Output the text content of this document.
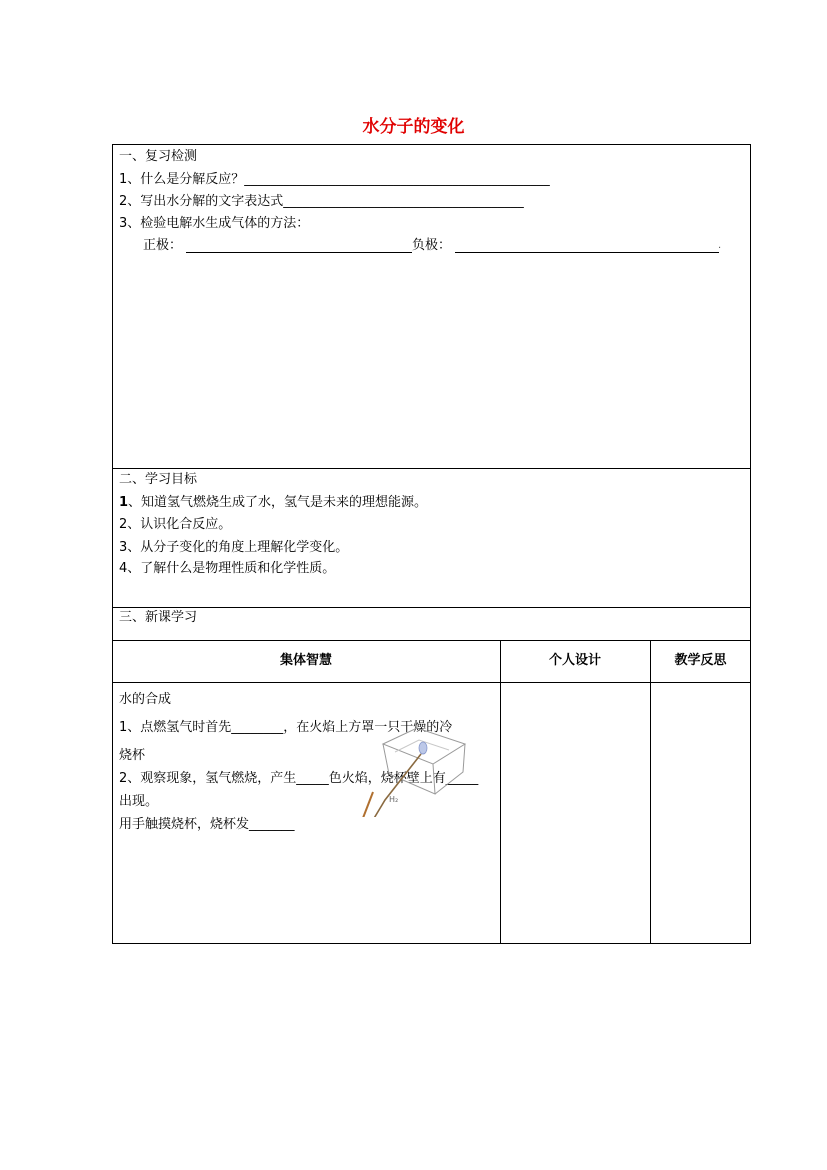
水分子的变化
一、复习检测
1、什么是分解反应？_______________________________________________
2、写出水分解的文字表达式_____________________________________
3、检验电解水生成气体的方法：
正极：	负极：	.
二、学习目标
1、知道氢气燃烧生成了水，氢气是未来的理想能源。
2、认识化合反应。
3、从分子变化的角度上理解化学变化。
4、了解什么是物理性质和化学性质。
三、新课学习
集体智慧	个人设计	教学反思
水的合成
1、点燃氢气时首先________，在火焰上方罩一只干燥的冷
烧杯
2、观察现象，氢气燃烧，产生_____色火焰，烧杯壁上有_____
出现。
用手触摸烧杯，烧杯发_______
H₂
